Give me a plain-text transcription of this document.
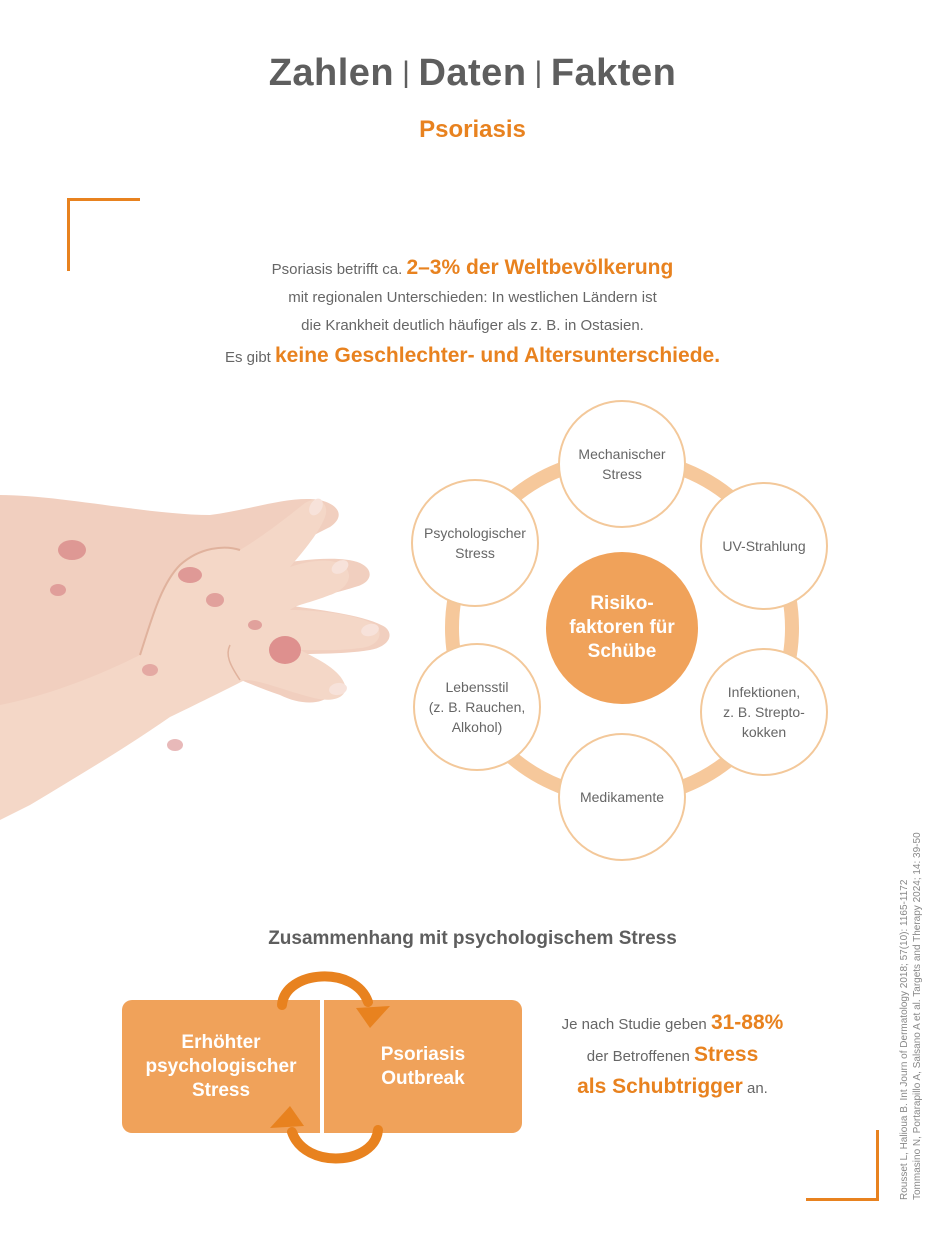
Zahlen | Daten | Fakten
Psoriasis
Psoriasis betrifft ca. 2–3% der Weltbevölkerung
mit regionalen Unterschieden: In westlichen Ländern ist
die Krankheit deutlich häufiger als z. B. in Ostasien.
Es gibt keine Geschlechter- und Altersunterschiede.
Mechanischer
Stress
UV-Strahlung
Infektionen,
z. B. Strepto-
kokken
Medikamente
Lebensstil
(z. B. Rauchen,
Alkohol)
Psychologischer
Stress
Risiko-
faktoren für
Schübe
Rousset L, Halioua B. Int Journ of Dermatology 2018; 57(10): 1165-1172 Tommasino N, Portarapillo A, Salsano A et al. Targets and Therapy 2024; 14: 39-50
Zusammenhang mit psychologischem Stress
Erhöhter
psychologischer
Stress
Psoriasis
Outbreak
Je nach Studie geben 31-88%
der Betroffenen Stress
als Schubtrigger an.
